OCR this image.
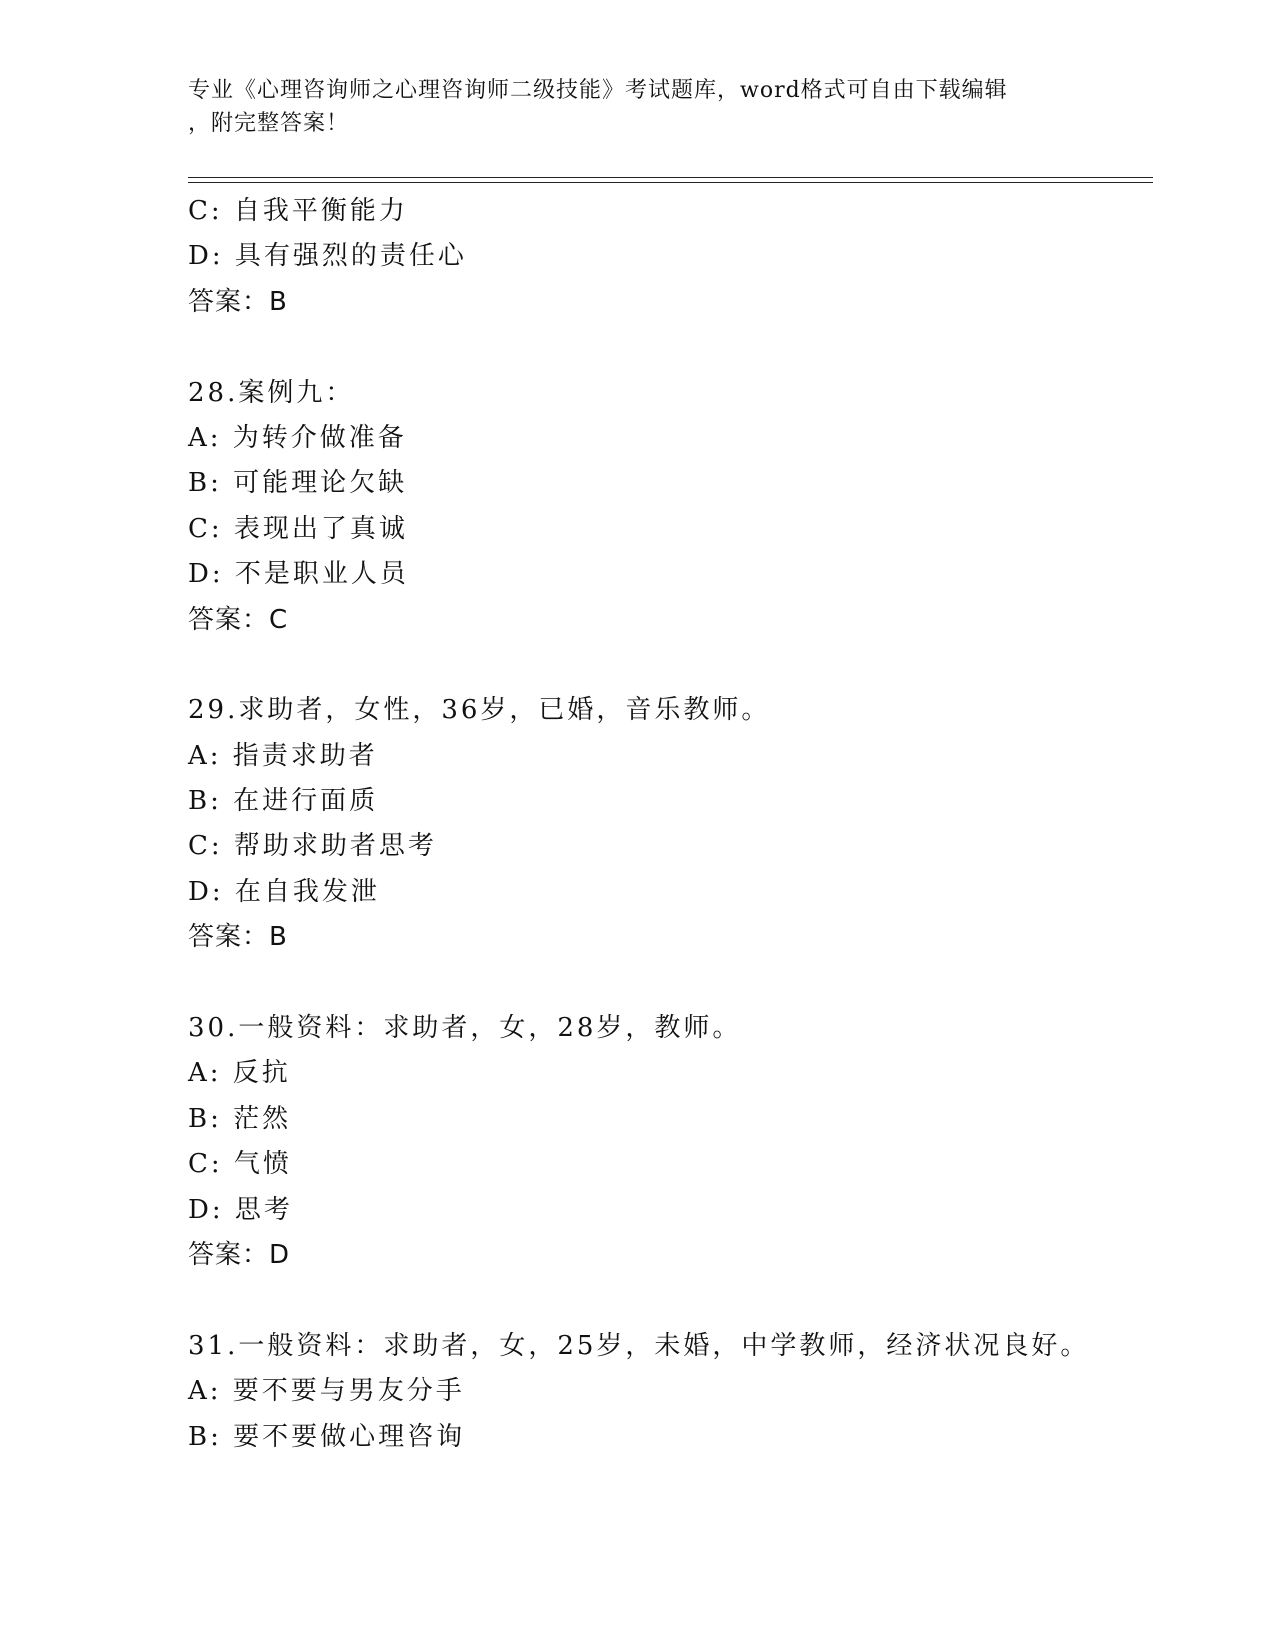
专业《心理咨询师之心理咨询师二级技能》考试题库，word格式可自由下载编辑
，附完整答案！
C: 自我平衡能力
D: 具有强烈的责任心
答案：B
28.案例九：
A: 为转介做准备
B: 可能理论欠缺
C: 表现出了真诚
D: 不是职业人员
答案：C
29.求助者，女性，36岁，已婚，音乐教师。
A: 指责求助者
B: 在进行面质
C: 帮助求助者思考
D: 在自我发泄
答案：B
30.一般资料：求助者，女，28岁，教师。
A: 反抗
B: 茫然
C: 气愤
D: 思考
答案：D
31.一般资料：求助者，女，25岁，未婚，中学教师，经济状况良好。
A: 要不要与男友分手
B: 要不要做心理咨询
